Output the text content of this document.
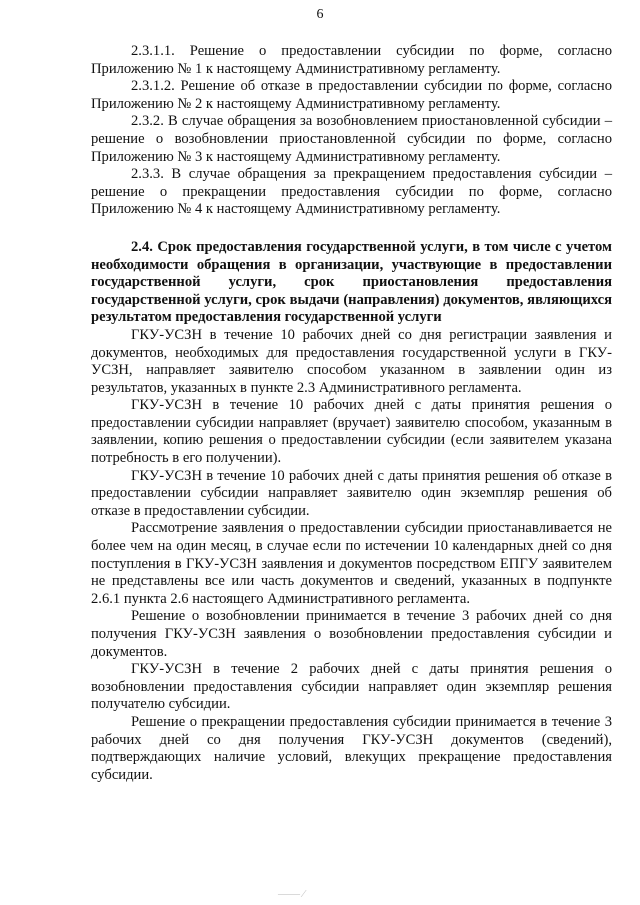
6

2.3.1.1. Решение о предоставлении субсидии по форме, согласно Приложению № 1 к настоящему Административному регламенту.

2.3.1.2. Решение об отказе в предоставлении субсидии по форме, согласно Приложению № 2 к настоящему Административному регламенту.

2.3.2. В случае обращения за возобновлением приостановленной субсидии – решение о возобновлении приостановленной субсидии по форме, согласно Приложению № 3 к настоящему Административному регламенту.

2.3.3. В случае обращения за прекращением предоставления субсидии – решение о прекращении предоставления субсидии по форме, согласно Приложению № 4 к настоящему Административному регламенту.

2.4. Срок предоставления государственной услуги, в том числе с учетом необходимости обращения в организации, участвующие в предоставлении государственной услуги, срок приостановления предоставления государственной услуги, срок выдачи (направления) документов, являющихся результатом предоставления государственной услуги

ГКУ-УСЗН в течение 10 рабочих дней со дня регистрации заявления и документов, необходимых для предоставления государственной услуги в ГКУ-УСЗН, направляет заявителю способом указанном в заявлении один из результатов, указанных в пункте 2.3 Административного регламента.

ГКУ-УСЗН в течение 10 рабочих дней с даты принятия решения о предоставлении субсидии направляет (вручает) заявителю способом, указанным в заявлении, копию решения о предоставлении субсидии (если заявителем указана потребность в его получении).

ГКУ-УСЗН в течение 10 рабочих дней с даты принятия решения об отказе в предоставлении субсидии направляет заявителю один экземпляр решения об отказе в предоставлении субсидии.

Рассмотрение заявления о предоставлении субсидии приостанавливается не более чем на один месяц, в случае если по истечении 10 календарных дней со дня поступления в ГКУ-УСЗН заявления и документов посредством ЕПГУ заявителем не представлены все или часть документов и сведений, указанных в подпункте 2.6.1 пункта 2.6 настоящего Административного регламента.

Решение о возобновлении принимается в течение 3 рабочих дней со дня получения ГКУ-УСЗН заявления о возобновлении предоставления субсидии и документов.

ГКУ-УСЗН в течение 2 рабочих дней с даты принятия решения о возобновлении предоставления субсидии направляет один экземпляр решения получателю субсидии.

Решение о прекращении предоставления субсидии принимается в течение 3 рабочих дней со дня получения ГКУ-УСЗН документов (сведений), подтверждающих наличие условий, влекущих прекращение предоставления субсидии.

—— ⁄
